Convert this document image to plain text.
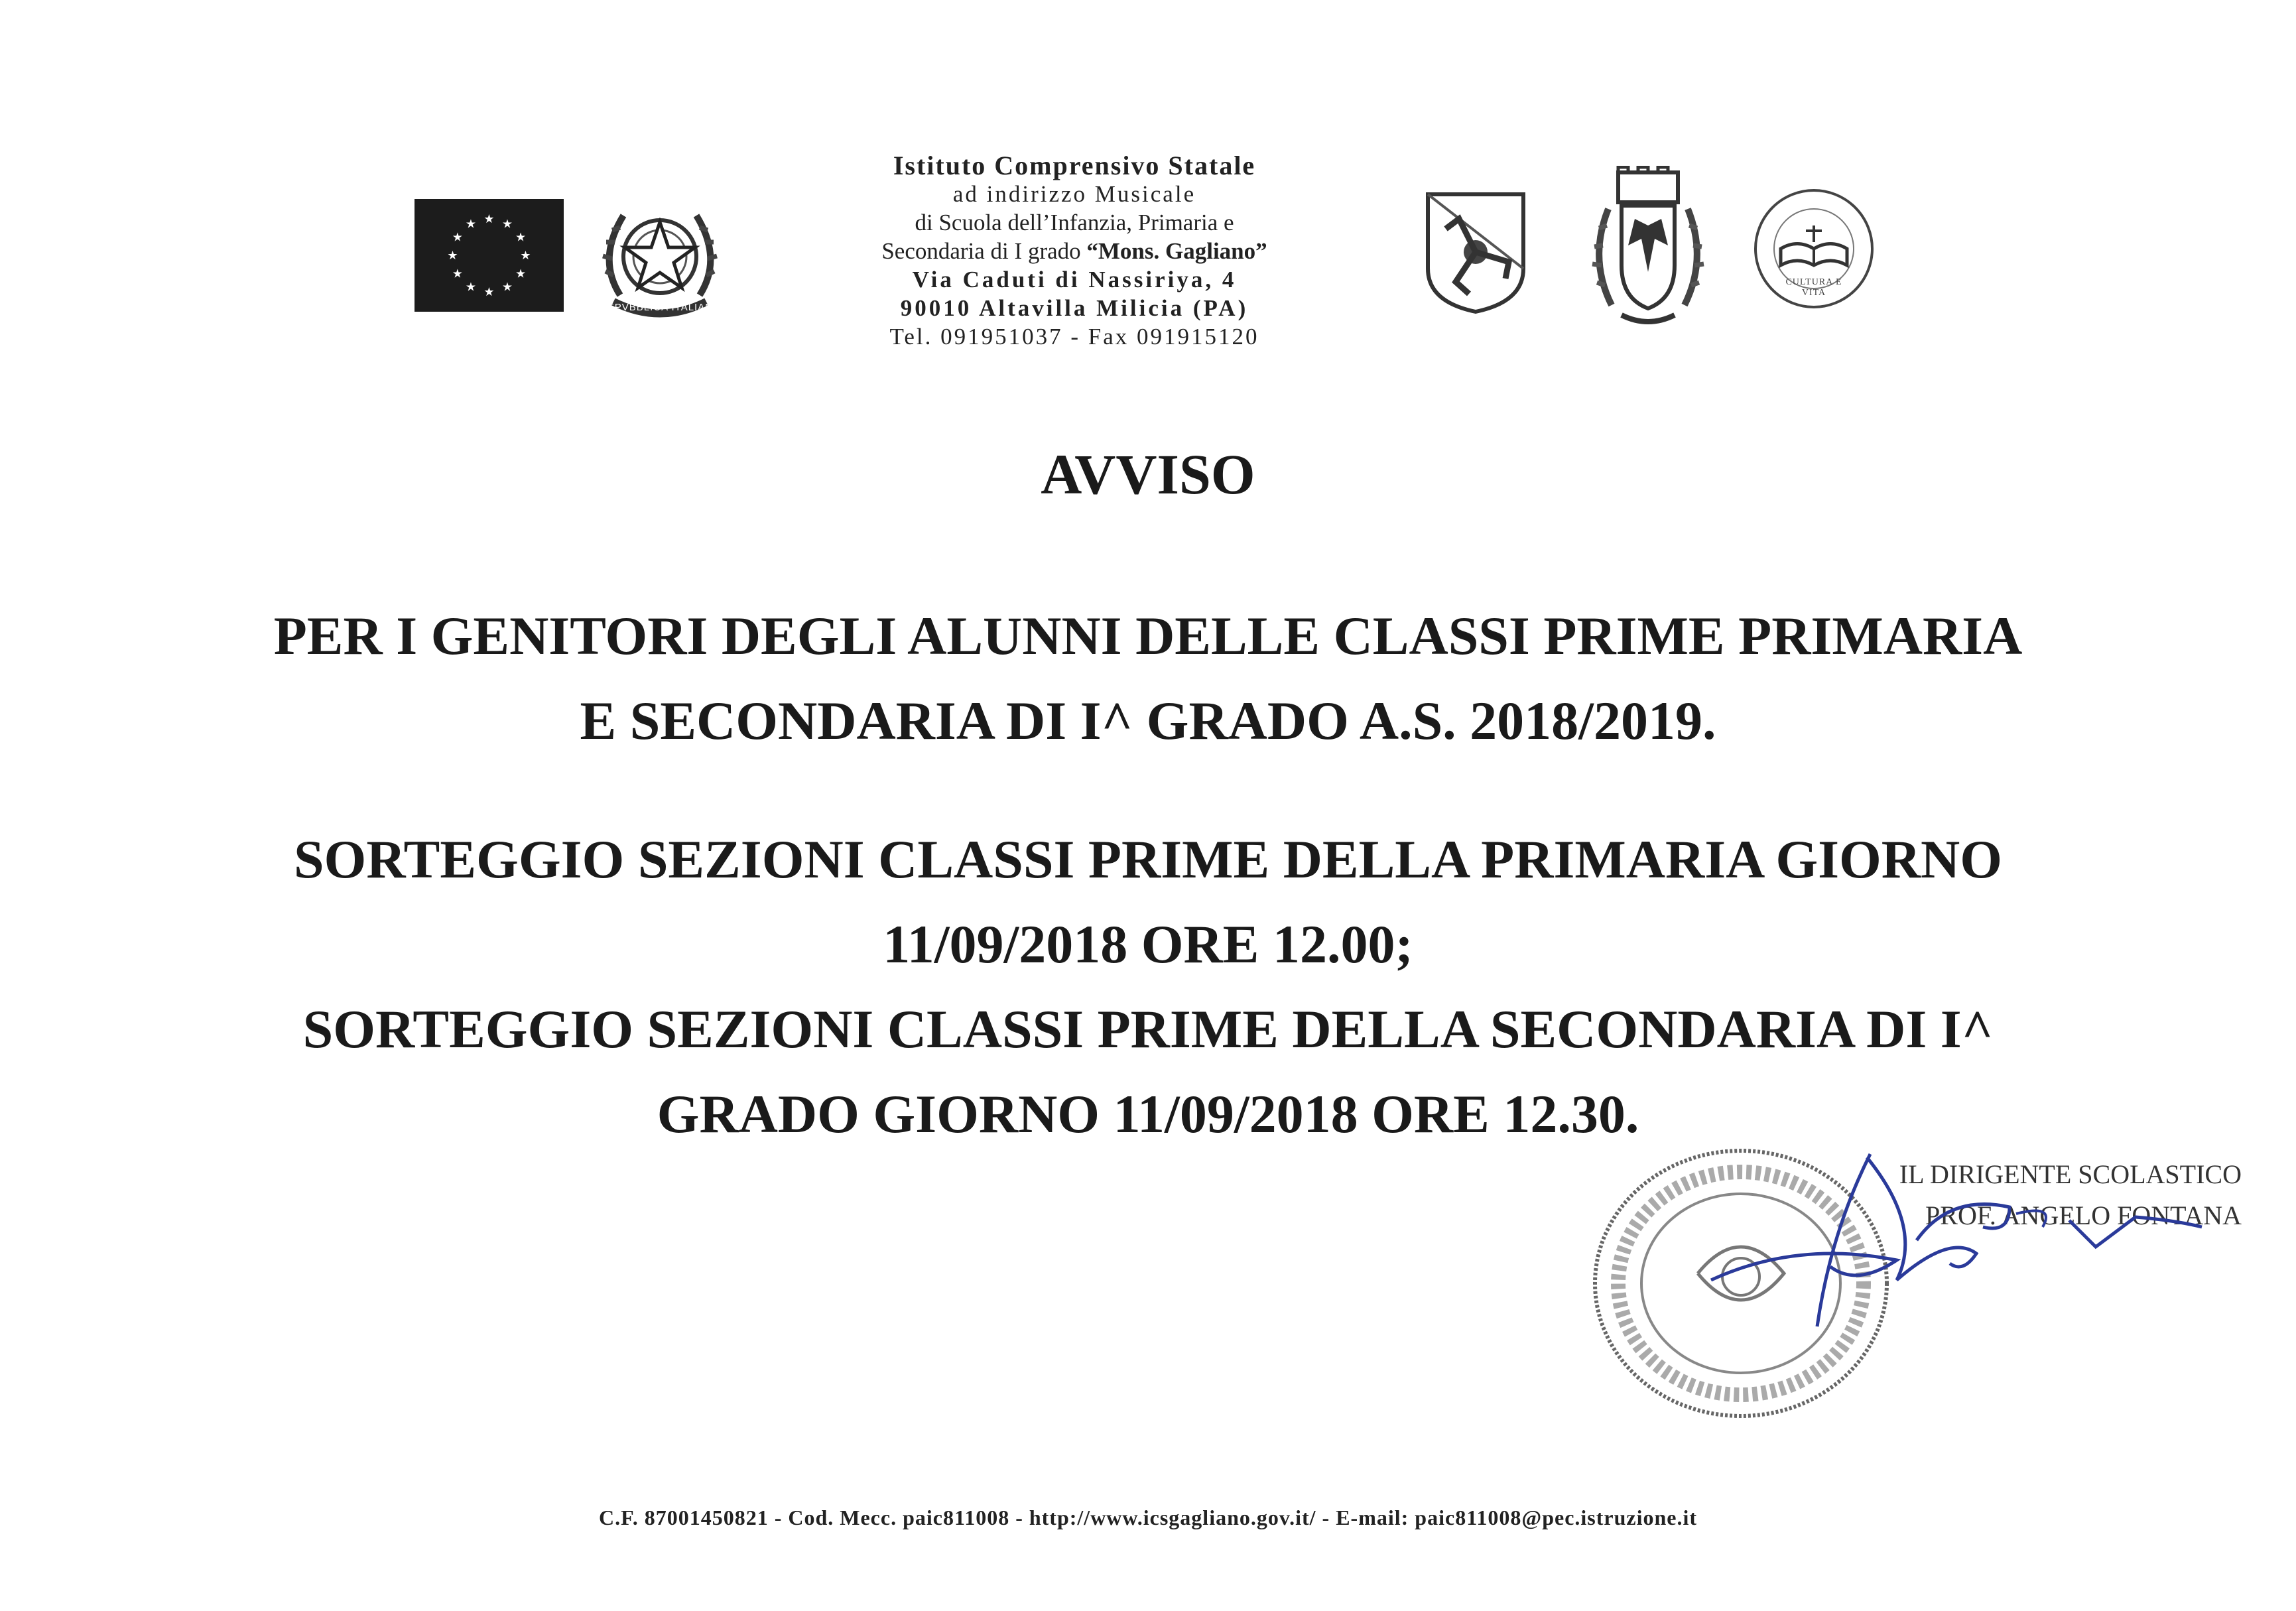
★ ★
★
★
★
★
★
★
★
★
★
★
REPVBBLICA ITALIANA
Istituto Comprensivo Statale
ad indirizzo Musicale
di Scuola dell’Infanzia, Primaria e
Secondaria di I grado “Mons. Gagliano”
Via Caduti di Nassiriya, 4
90010 Altavilla Milicia (PA)
Tel. 091951037 - Fax 091915120
CULTURA E VITA
AVVISO
PER I GENITORI DEGLI ALUNNI DELLE CLASSI PRIME PRIMARIA
E SECONDARIA DI I^ GRADO A.S. 2018/2019.
SORTEGGIO SEZIONI CLASSI PRIME DELLA PRIMARIA GIORNO
11/09/2018 ORE 12.00;
SORTEGGIO SEZIONI CLASSI PRIME DELLA SECONDARIA DI I^
GRADO GIORNO 11/09/2018 ORE 12.30.
IL DIRIGENTE SCOLASTICO
PROF. ANGELO FONTANA
C.F. 87001450821 - Cod. Mecc. paic811008 - http://www.icsgagliano.gov.it/ - E-mail: paic811008@pec.istruzione.it
